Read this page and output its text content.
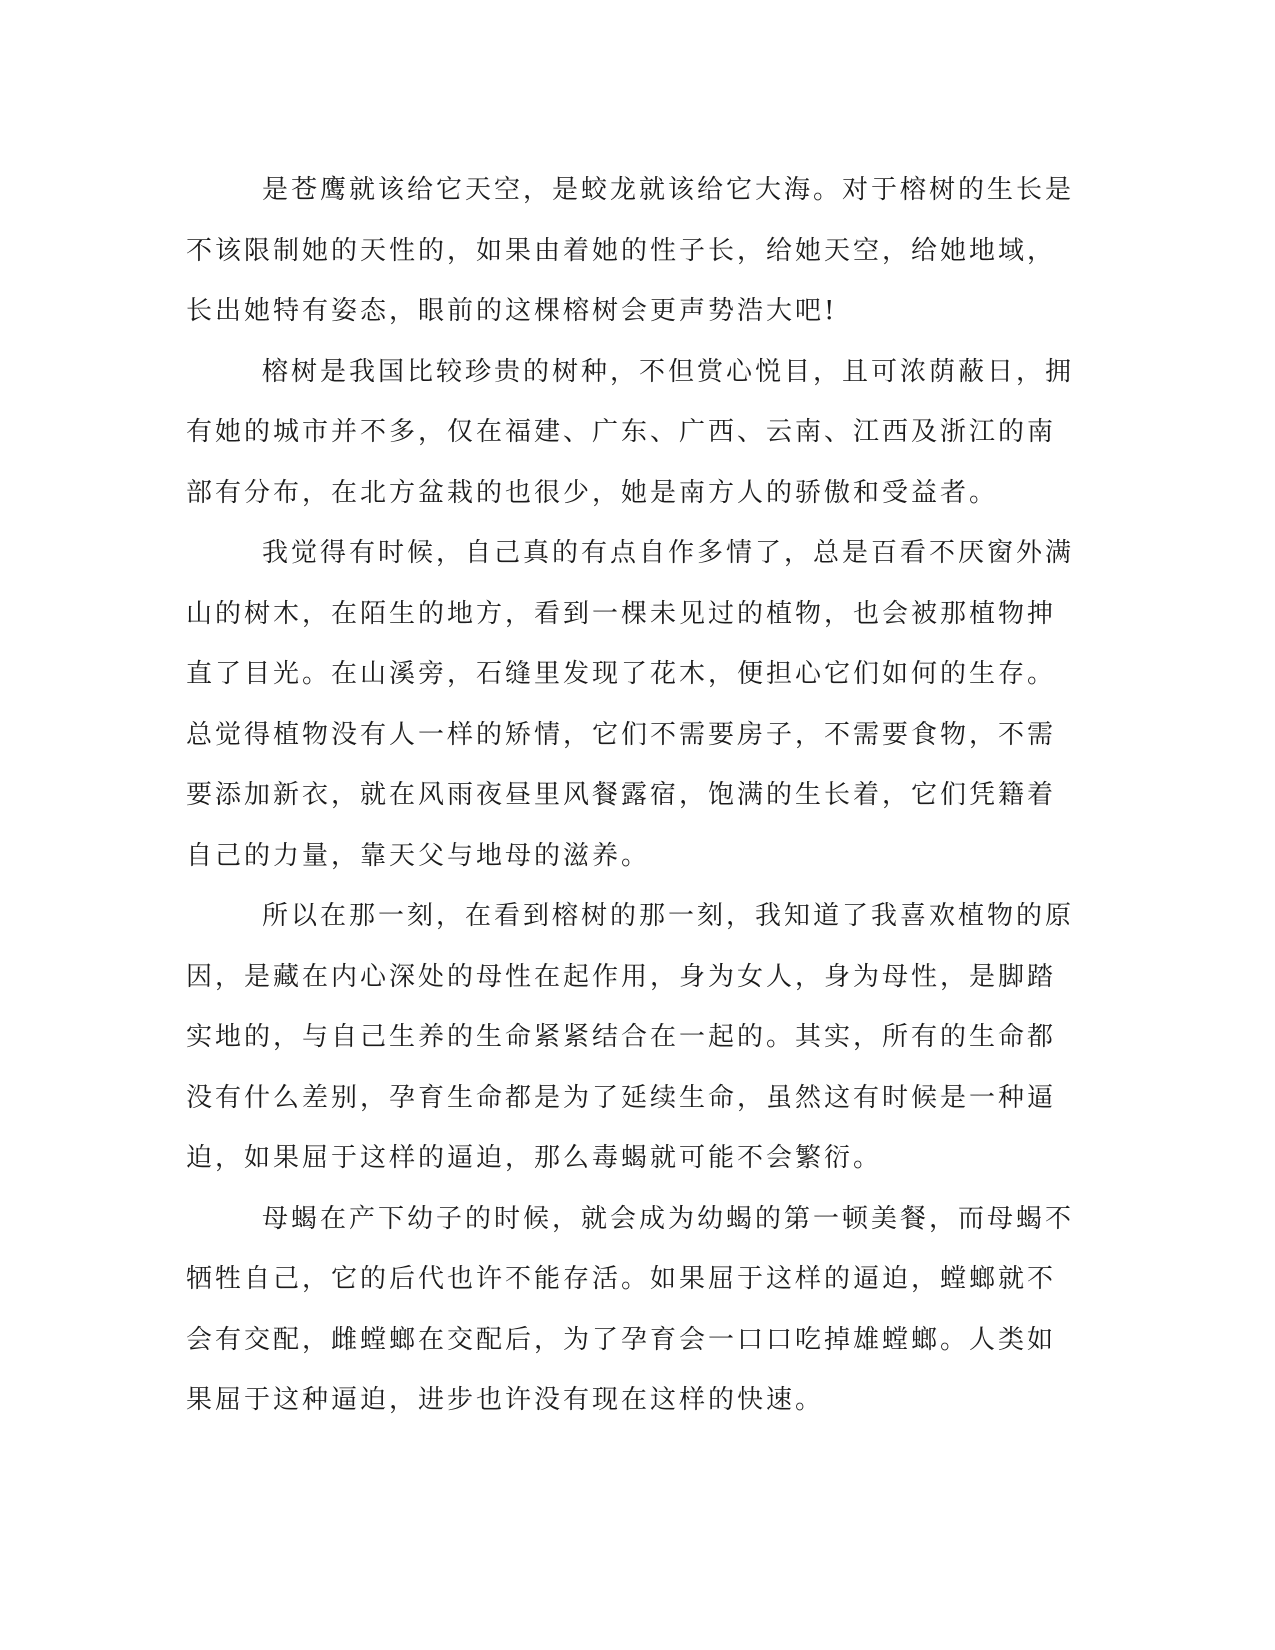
是苍鹰就该给它天空，是蛟龙就该给它大海。对于榕树的生长是
不该限制她的天性的，如果由着她的性子长，给她天空，给她地域，
长出她特有姿态，眼前的这棵榕树会更声势浩大吧!
榕树是我国比较珍贵的树种，不但赏心悦目，且可浓荫蔽日，拥
有她的城市并不多，仅在福建、广东、广西、云南、江西及浙江的南
部有分布，在北方盆栽的也很少，她是南方人的骄傲和受益者。
我觉得有时候，自己真的有点自作多情了，总是百看不厌窗外满
山的树木，在陌生的地方，看到一棵未见过的植物，也会被那植物抻
直了目光。在山溪旁，石缝里发现了花木，便担心它们如何的生存。
总觉得植物没有人一样的矫情，它们不需要房子，不需要食物，不需
要添加新衣，就在风雨夜昼里风餐露宿，饱满的生长着，它们凭籍着
自己的力量，靠天父与地母的滋养。
所以在那一刻，在看到榕树的那一刻，我知道了我喜欢植物的原
因，是藏在内心深处的母性在起作用，身为女人，身为母性，是脚踏
实地的，与自己生养的生命紧紧结合在一起的。其实，所有的生命都
没有什么差别，孕育生命都是为了延续生命，虽然这有时候是一种逼
迫，如果屈于这样的逼迫，那么毒蝎就可能不会繁衍。
母蝎在产下幼子的时候，就会成为幼蝎的第一顿美餐，而母蝎不
牺牲自己，它的后代也许不能存活。如果屈于这样的逼迫，螳螂就不
会有交配，雌螳螂在交配后，为了孕育会一口口吃掉雄螳螂。人类如
果屈于这种逼迫，进步也许没有现在这样的快速。
